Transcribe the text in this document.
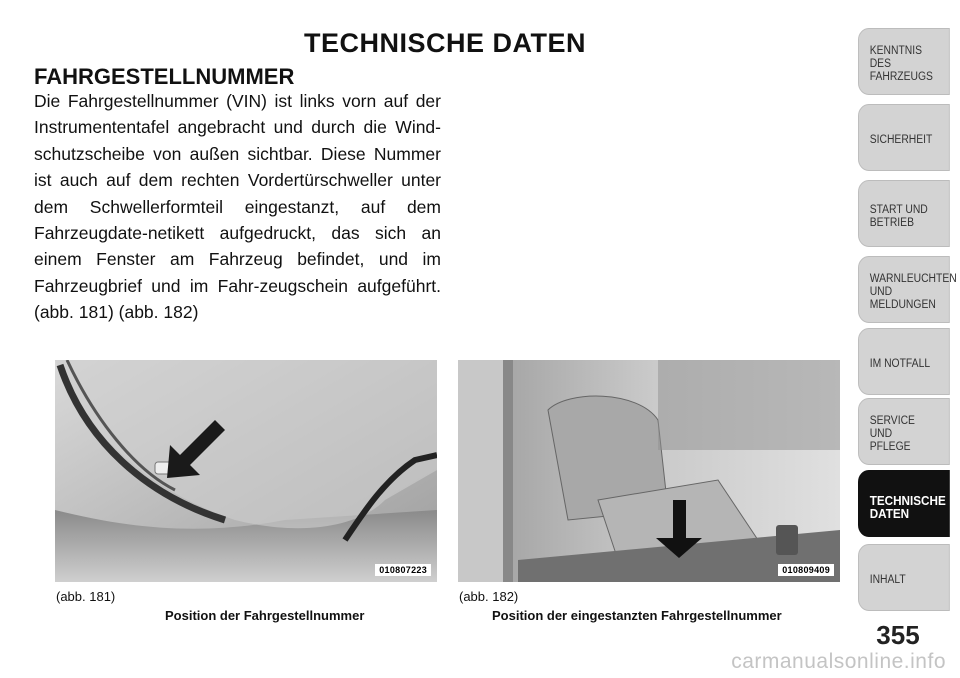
TECHNISCHE DATEN
FAHRGESTELLNUMMER
Die Fahrgestellnummer (VIN) ist links vorn auf der Instrumententafel angebracht und durch die Wind-schutzscheibe von außen sichtbar. Diese Nummer ist auch auf dem rechten Vordertürschweller unter dem Schwellerformteil eingestanzt, auf dem Fahrzeugdate-netikett aufgedruckt, das sich an einem Fenster am Fahrzeug befindet, und im Fahrzeugbrief und im Fahr-zeugschein aufgeführt. (abb. 181) (abb. 182)
010807223	010809409
(abb. 181)
Position der Fahrgestellnummer
(abb. 182)
Position der eingestanzten Fahrgestellnummer
KENNTNIS
DES
FAHRZEUGS
SICHERHEIT
START UND
BETRIEB
WARNLEUCHTEN
UND
MELDUNGEN
IM NOTFALL
SERVICE
UND
PFLEGE
TECHNISCHE
DATEN
INHALT
355
carmanualsonline.info
